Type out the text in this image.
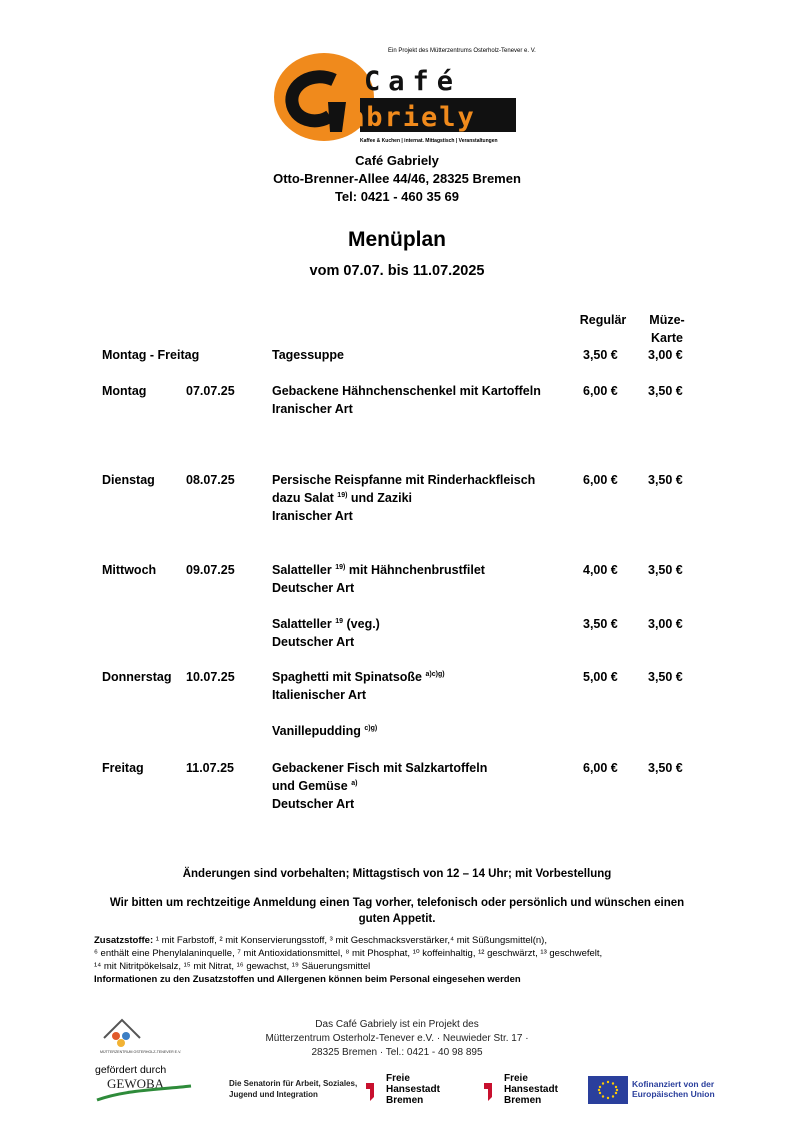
Ein Projekt des Mütterzentrums Osterholz-Tenever e. V.
Café
abriely
Kaffee & Kuchen | internat. Mittagstisch | Veranstaltungen
Café Gabriely
Otto-Brenner-Allee 44/46, 28325 Bremen
Tel: 0421 - 460 35 69
Menüplan
vom 07.07. bis 11.07.2025
Regulär	Müze-
Karte
Montag - Freitag	Tagessuppe	3,50 € 3,00 €
Montag	07.07.25	Gebackene Hähnchenschenkel mit Kartoffeln
Iranischer Art
6,00 € 3,50 €
Dienstag 08.07.25	Persische Reispfanne mit Rinderhackfleisch
dazu Salat $^{19)}$ und Zaziki
Iranischer Art
6,00 € 3,50 €
Mittwoch 09.07.25	Salatteller $^{19)}$ mit Hähnchenbrustfilet
Deutscher Art
4,00 € 3,50 €
Salatteller $^{19}$ (veg.)
Deutscher Art
3,50 € 3,00 €
Donnerstag 10.07.25	Spaghetti mit Spinatsoße $^{a)c)g)}$
Italienischer Art
5,00 € 3,50 €
Vanillepudding $^{c)g)}$
Freitag	11.07.25	Gebackener Fisch mit Salzkartoffeln
und Gemüse $^{a)}$
Deutscher Art
6,00 € 3,50 €
Änderungen sind vorbehalten; Mittagstisch von 12 – 14 Uhr; mit Vorbestellung
Wir bitten um rechtzeitige Anmeldung einen Tag vorher, telefonisch oder persönlich und wünschen einen guten Appetit.
Zusatzstoffe: ¹ mit Farbstoff, ² mit Konservierungsstoff, ³ mit Geschmacksverstärker,⁴ mit Süßungsmittel(n),
⁶ enthält eine Phenylalaninquelle, ⁷ mit Antioxidationsmittel, ⁸ mit Phosphat, ¹⁰ koffeinhaltig, ¹² geschwärzt, ¹³ geschwefelt,
¹⁴ mit Nitritpökelsalz, ¹⁵ mit Nitrat, ¹⁶ gewachst, ¹⁹ Säuerungsmittel
Informationen zu den Zusatzstoffen und Allergenen können beim Personal eingesehen werden
MÜTTERZENTRUM OSTERHOLZ-TENEVER E.V.
Das Café Gabriely ist ein Projekt des
Mütterzentrum Osterholz-Tenever e.V. · Neuwieder Str. 17 ·
28325 Bremen · Tel.: 0421 - 40 98 895
gefördert durch
GEWOBA	Die Senatorin für Arbeit, Soziales,
Jugend und Integration
Freie
Hansestadt
Bremen
Freie
Hansestadt
Bremen
Kofinanziert von der
Europäischen Union
